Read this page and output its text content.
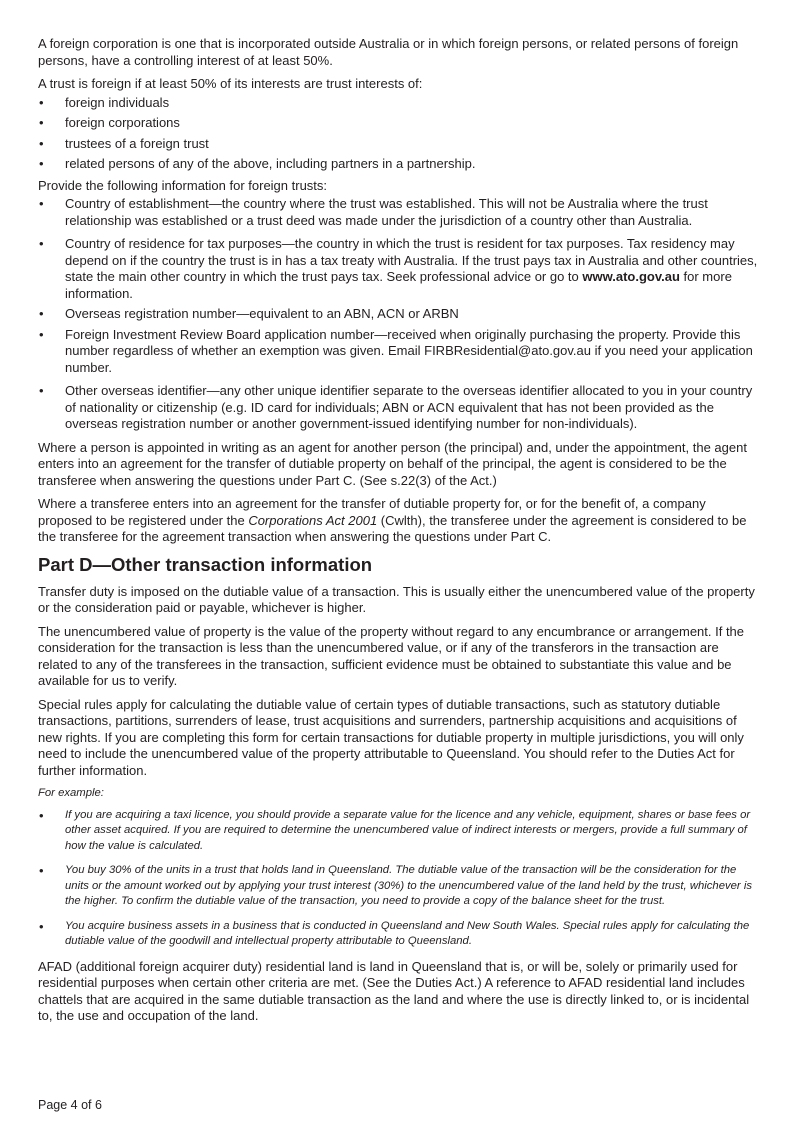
A foreign corporation is one that is incorporated outside Australia or in which foreign persons, or related persons of foreign persons, have a controlling interest of at least 50%.

A trust is foreign if at least 50% of its interests are trust interests of:

• foreign individuals
• foreign corporations
• trustees of a foreign trust
• related persons of any of the above, including partners in a partnership.

Provide the following information for foreign trusts:

• Country of establishment—the country where the trust was established. This will not be Australia where the trust relationship was established or a trust deed was made under the jurisdiction of a country other than Australia.
• Country of residence for tax purposes—the country in which the trust is resident for tax purposes. Tax residency may depend on if the country the trust is in has a tax treaty with Australia. If the trust pays tax in Australia and other countries, state the main other country in which the trust pays tax. Seek professional advice or go to www.ato.gov.au for more information.
• Overseas registration number—equivalent to an ABN, ACN or ARBN
• Foreign Investment Review Board application number—received when originally purchasing the property. Provide this number regardless of whether an exemption was given. Email FIRBResidential@ato.gov.au if you need your application number.
• Other overseas identifier—any other unique identifier separate to the overseas identifier allocated to you in your country of nationality or citizenship (e.g. ID card for individuals; ABN or ACN equivalent that has not been provided as the overseas registration number or another government-issued identifying number for non-individuals).

Where a person is appointed in writing as an agent for another person (the principal) and, under the appointment, the agent enters into an agreement for the transfer of dutiable property on behalf of the principal, the agent is considered to be the transferee when answering the questions under Part C. (See s.22(3) of the Act.)

Where a transferee enters into an agreement for the transfer of dutiable property for, or for the benefit of, a company proposed to be registered under the Corporations Act 2001 (Cwlth), the transferee under the agreement is considered to be the transferee for the agreement transaction when answering the questions under Part C.

Part D—Other transaction information

Transfer duty is imposed on the dutiable value of a transaction. This is usually either the unencumbered value of the property or the consideration paid or payable, whichever is higher.

The unencumbered value of property is the value of the property without regard to any encumbrance or arrangement. If the consideration for the transaction is less than the unencumbered value, or if any of the transferors in the transaction are related to any of the transferees in the transaction, sufficient evidence must be obtained to substantiate this value and be available for us to verify.

Special rules apply for calculating the dutiable value of certain types of dutiable transactions, such as statutory dutiable transactions, partitions, surrenders of lease, trust acquisitions and surrenders, partnership acquisitions and acquisitions of new rights. If you are completing this form for certain transactions for dutiable property in multiple jurisdictions, you will only need to include the unencumbered value of the property attributable to Queensland. You should refer to the Duties Act for further information.

For example:

• If you are acquiring a taxi licence, you should provide a separate value for the licence and any vehicle, equipment, shares or base fees or other asset acquired. If you are required to determine the unencumbered value of indirect interests or mergers, provide a full summary of how the value is calculated.
• You buy 30% of the units in a trust that holds land in Queensland. The dutiable value of the transaction will be the consideration for the units or the amount worked out by applying your trust interest (30%) to the unencumbered value of the land held by the trust, whichever is the higher. To confirm the dutiable value of the transaction, you need to provide a copy of the balance sheet for the trust.
• You acquire business assets in a business that is conducted in Queensland and New South Wales. Special rules apply for calculating the dutiable value of the goodwill and intellectual property attributable to Queensland.

AFAD (additional foreign acquirer duty) residential land is land in Queensland that is, or will be, solely or primarily used for residential purposes when certain other criteria are met. (See the Duties Act.) A reference to AFAD residential land includes chattels that are acquired in the same dutiable transaction as the land and where the use is directly linked to, or is incidental to, the use and occupation of the land.

Page 4 of 6
